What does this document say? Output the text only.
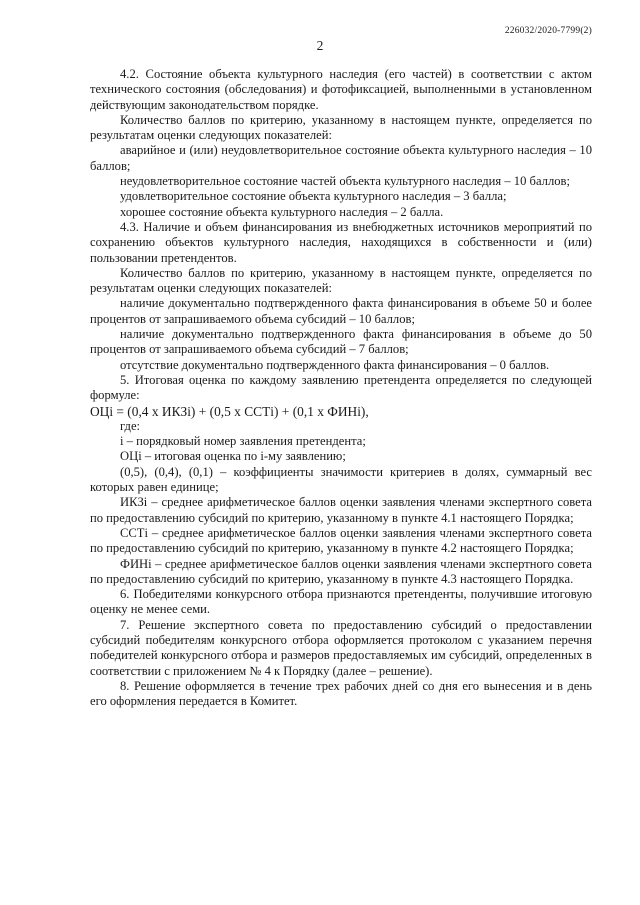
226032/2020-7799(2)
2

4.2. Состояние объекта культурного наследия (его частей) в соответствии с актом технического состояния (обследования) и фотофиксацией, выполненными в установленном действующим законодательством порядке.

Количество баллов по критерию, указанному в настоящем пункте, определяется по результатам оценки следующих показателей:

аварийное и (или) неудовлетворительное состояние объекта культурного наследия – 10 баллов;

неудовлетворительное состояние частей объекта культурного наследия – 10 баллов;

удовлетворительное состояние объекта культурного наследия – 3 балла;

хорошее состояние объекта культурного наследия – 2 балла.

4.3. Наличие и объем финансирования из внебюджетных источников мероприятий по сохранению объектов культурного наследия, находящихся в собственности и (или) пользовании претендентов.

Количество баллов по критерию, указанному в настоящем пункте, определяется по результатам оценки следующих показателей:

наличие документально подтвержденного факта финансирования в объеме 50 и более процентов от запрашиваемого объема субсидий – 10 баллов;

наличие документально подтвержденного факта финансирования в объеме до 50 процентов от запрашиваемого объема субсидий – 7 баллов;

отсутствие документально подтвержденного факта финансирования – 0 баллов.

5. Итоговая оценка по каждому заявлению претендента определяется по следующей формуле:

ОЦi = (0,4 x ИКЗi) + (0,5 x ССТi) + (0,1 x ФИНi),

где:

i – порядковый номер заявления претендента;

ОЦi – итоговая оценка по i-му заявлению;

(0,5), (0,4), (0,1) – коэффициенты значимости критериев в долях, суммарный вес которых равен единице;

ИКЗi – среднее арифметическое баллов оценки заявления членами экспертного совета по предоставлению субсидий по критерию, указанному в пункте 4.1 настоящего Порядка;

ССТi – среднее арифметическое баллов оценки заявления членами экспертного совета по предоставлению субсидий по критерию, указанному в пункте 4.2 настоящего Порядка;

ФИНi – среднее арифметическое баллов оценки заявления членами экспертного совета по предоставлению субсидий по критерию, указанному в пункте 4.3 настоящего Порядка.

6. Победителями конкурсного отбора признаются претенденты, получившие итоговую оценку не менее семи.

7. Решение экспертного совета по предоставлению субсидий о предоставлении субсидий победителям конкурсного отбора оформляется протоколом с указанием перечня победителей конкурсного отбора и размеров предоставляемых им субсидий, определенных в соответствии с приложением № 4 к Порядку (далее – решение).

8. Решение оформляется в течение трех рабочих дней со дня его вынесения и в день его оформления передается в Комитет.
